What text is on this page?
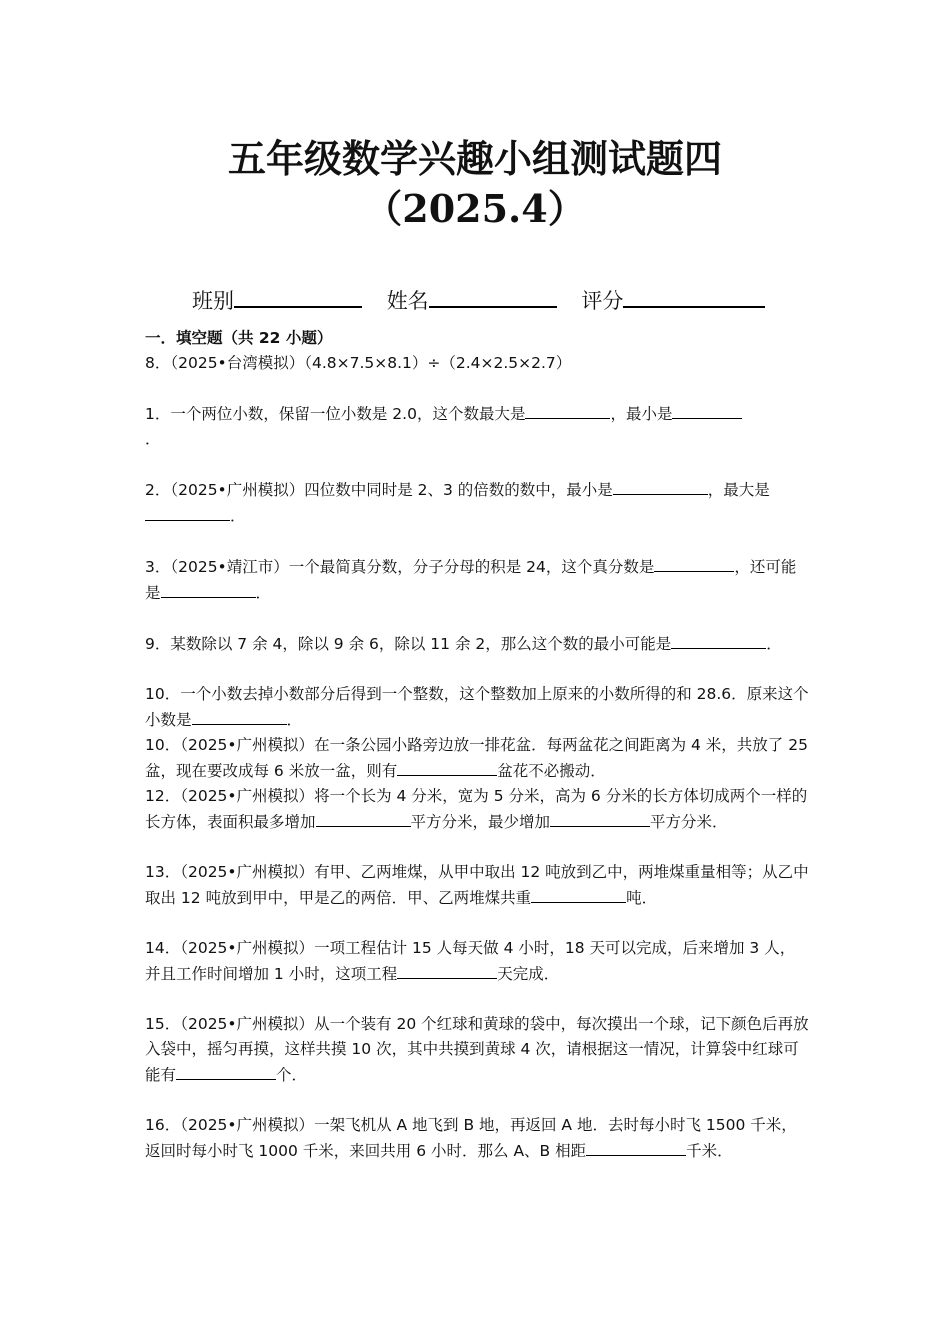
五年级数学兴趣小组测试题四
（2025.4）
班别	姓名	评分
一．填空题（共 22 小题）

8．（2025•台湾模拟）（4.8×7.5×8.1）÷（2.4×2.5×2.7）

1．一个两位小数，保留一位小数是 2.0，这个数最大是	，最小是
．

2．（2025•广州模拟）四位数中同时是 2、3 的倍数的数中，最小是	，最大是．

3．（2025•靖江市）一个最简真分数，分子分母的积是 24，这个真分数是	，还可能是	．

9．某数除以 7 余 4，除以 9 余 6，除以 11 余 2，那么这个数的最小可能是	．

10．一个小数去掉小数部分后得到一个整数，这个整数加上原来的小数所得的和 28.6．原来这个小数是	．

10．（2025•广州模拟）在一条公园小路旁边放一排花盆．每两盆花之间距离为 4 米，共放了 25 盆，现在要改成每 6 米放一盆，则有	盆花不必搬动．

12．（2025•广州模拟）将一个长为 4 分米，宽为 5 分米，高为 6 分米的长方体切成两个一样的长方体，表面积最多增加	平方分米，最少增加	平方分米．

13．（2025•广州模拟）有甲、乙两堆煤，从甲中取出 12 吨放到乙中，两堆煤重量相等；从乙中取出 12 吨放到甲中，甲是乙的两倍．甲、乙两堆煤共重	吨．

14．（2025•广州模拟）一项工程估计 15 人每天做 4 小时，18 天可以完成，后来增加 3 人，并且工作时间增加 1 小时，这项工程	天完成．

15．（2025•广州模拟）从一个装有 20 个红球和黄球的袋中，每次摸出一个球，记下颜色后再放入袋中，摇匀再摸，这样共摸 10 次，其中共摸到黄球 4 次，请根据这一情况，计算袋中红球可能有	个．

16．（2025•广州模拟）一架飞机从 A 地飞到 B 地，再返回 A 地．去时每小时飞 1500 千米，返回时每小时飞 1000 千米，来回共用 6 小时．那么 A、B 相距	千米．
